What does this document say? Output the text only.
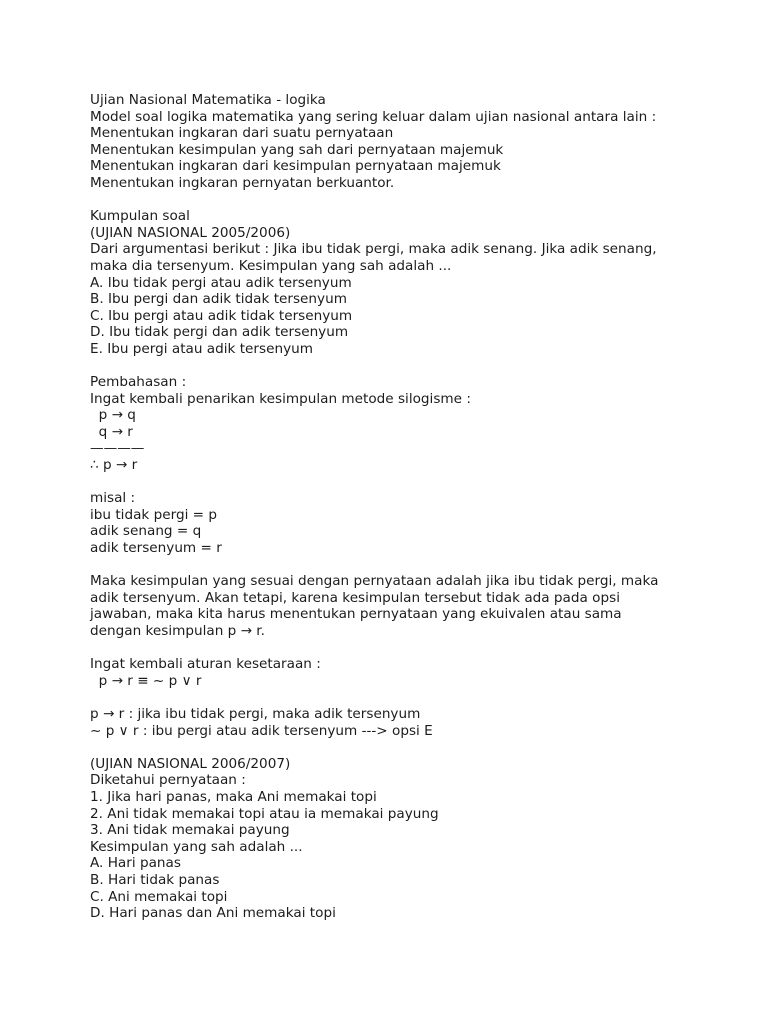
Ujian Nasional Matematika - logika
Model soal logika matematika yang sering keluar dalam ujian nasional antara lain :
Menentukan ingkaran dari suatu pernyataan
Menentukan kesimpulan yang sah dari pernyataan majemuk
Menentukan ingkaran dari kesimpulan pernyataan majemuk
Menentukan ingkaran pernyatan berkuantor.
Kumpulan soal
(UJIAN NASIONAL 2005/2006)
Dari argumentasi berikut : Jika ibu tidak pergi, maka adik senang. Jika adik senang,
maka dia tersenyum. Kesimpulan yang sah adalah ...
A. Ibu tidak pergi atau adik tersenyum
B. Ibu pergi dan adik tidak tersenyum
C. Ibu pergi atau adik tidak tersenyum
D. Ibu tidak pergi dan adik tersenyum
E. Ibu pergi atau adik tersenyum
Pembahasan :
Ingat kembali penarikan kesimpulan metode silogisme :
p → q
q → r
————
∴ p → r
misal :
ibu tidak pergi = p
adik senang = q
adik tersenyum = r
Maka kesimpulan yang sesuai dengan pernyataan adalah jika ibu tidak pergi, maka
adik tersenyum. Akan tetapi, karena kesimpulan tersebut tidak ada pada opsi
jawaban, maka kita harus menentukan pernyataan yang ekuivalen atau sama
dengan kesimpulan p → r.
Ingat kembali aturan kesetaraan :
p → r ≡ ~ p ∨ r
p → r : jika ibu tidak pergi, maka adik tersenyum
~ p ∨ r : ibu pergi atau adik tersenyum ---> opsi E
(UJIAN NASIONAL 2006/2007)
Diketahui pernyataan :
1. Jika hari panas, maka Ani memakai topi
2. Ani tidak memakai topi atau ia memakai payung
3. Ani tidak memakai payung
Kesimpulan yang sah adalah ...
A. Hari panas
B. Hari tidak panas
C. Ani memakai topi
D. Hari panas dan Ani memakai topi
